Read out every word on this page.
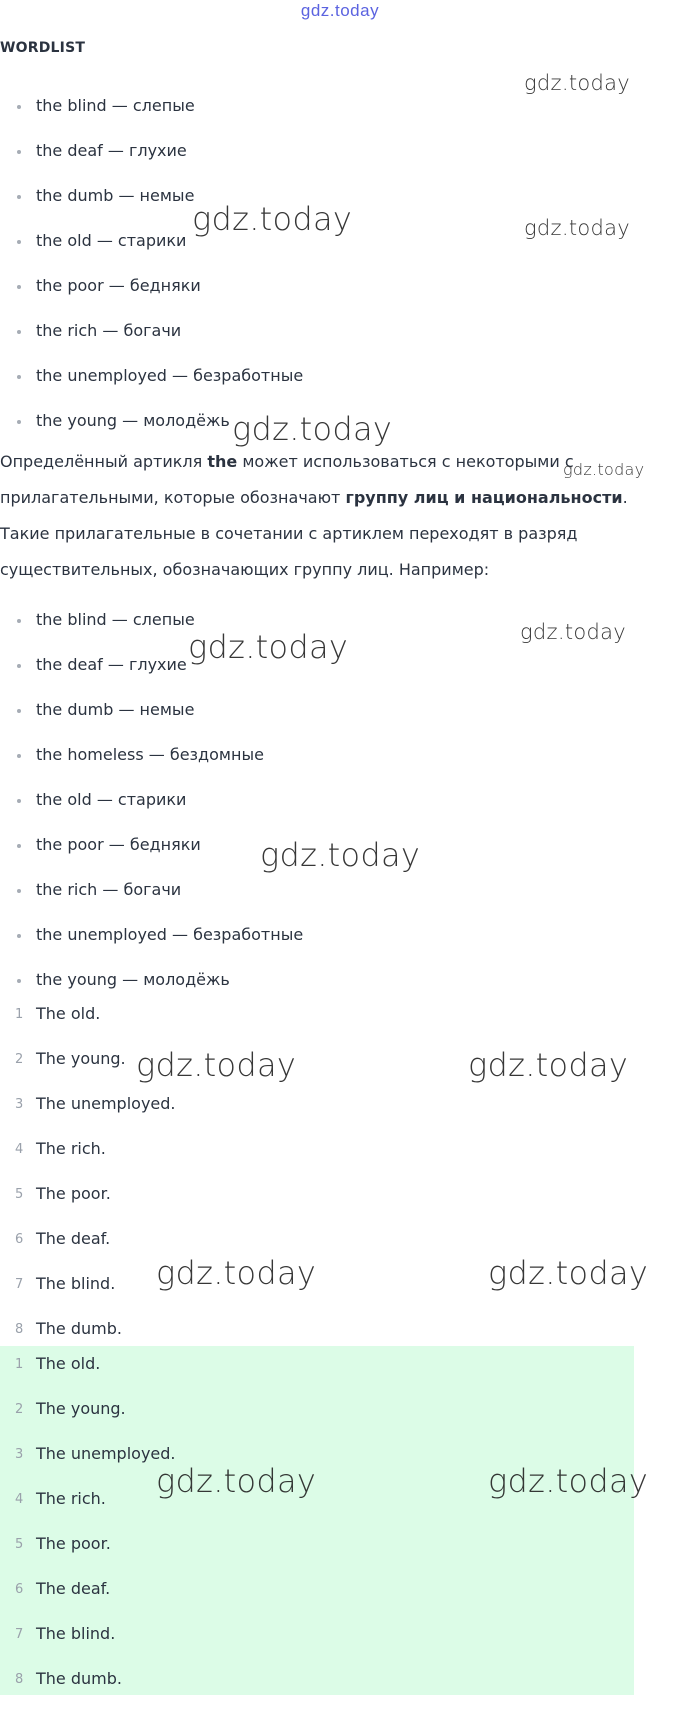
gdz.today
WORDLIST
the blind — слепые
the deaf — глухие
the dumb — немые
the old — старики
the poor — бедняки
the rich — богачи
the unemployed — безработные
the young — молодёжь
Определённый артикля the может использоваться с некоторыми с прилагательными, которые обозначают группу лиц и национальности. Такие прилагательные в сочетании с артиклем переходят в разряд существительных, обозначающих группу лиц. Например:
the blind — слепые
the deaf — глухие
the dumb — немые
the homeless — бездомные
the old — старики
the poor — бедняки
the rich — богачи
the unemployed — безработные
the young — молодёжь
1 The old.
2 The young.
3 The unemployed.
4 The rich.
5 The poor.
6 The deaf.
7 The blind.
8 The dumb.
1 The old.
2 The young.
3 The unemployed.
4 The rich.
5 The poor.
6 The deaf.
7 The blind.
8 The dumb.
gdz.today
gdz.today	gdz.today
gdz.today
gdz.today
gdz.today
gdz.today
gdz.today
gdz.today	gdz.today
gdz.today	gdz.today
gdz.today	gdz.today
